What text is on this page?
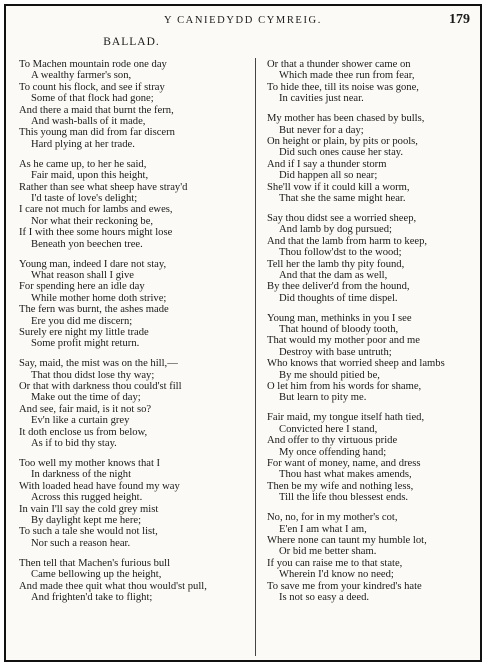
Y CANIEDYDD CYMREIG.	179
BALLAD.
To Machen mountain rode one day
A wealthy farmer's son,
To count his flock, and see if stray
Some of that flock had gone;
And there a maid that burnt the fern,
And wash-balls of it made,
This young man did from far discern
Hard plying at her trade.
As he came up, to her he said,
Fair maid, upon this height,
Rather than see what sheep have stray'd
I'd taste of love's delight;
I care not much for lambs and ewes,
Nor what their reckoning be,
If I with thee some hours might lose
Beneath yon beechen tree.
Young man, indeed I dare not stay,
What reason shall I give
For spending here an idle day
While mother home doth strive;
The fern was burnt, the ashes made
Ere you did me discern;
Surely ere night my little trade
Some profit might return.
Say, maid, the mist was on the hill,—
That thou didst lose thy way;
Or that with darkness thou could'st fill
Make out the time of day;
And see, fair maid, is it not so?
Ev'n like a curtain grey
It doth enclose us from below,
As if to bid thy stay.
Too well my mother knows that I
In darkness of the night
With loaded head have found my way
Across this rugged height.
In vain I'll say the cold grey mist
By daylight kept me here;
To such a tale she would not list,
Nor such a reason hear.
Then tell that Machen's furious bull
Came bellowing up the height,
And made thee quit what thou would'st pull,
And frighten'd take to flight;
Or that a thunder shower came on
Which made thee run from fear,
To hide thee, till its noise was gone,
In cavities just near.
My mother has been chased by bulls,
But never for a day;
On height or plain, by pits or pools,
Did such ones cause her stay.
And if I say a thunder storm
Did happen all so near;
She'll vow if it could kill a worm,
That she the same might hear.
Say thou didst see a worried sheep,
And lamb by dog pursued;
And that the lamb from harm to keep,
Thou follow'dst to the wood;
Tell her the lamb thy pity found,
And that the dam as well,
By thee deliver'd from the hound,
Did thoughts of time dispel.
Young man, methinks in you I see
That hound of bloody tooth,
That would my mother poor and me
Destroy with base untruth;
Who knows that worried sheep and lambs
By me should pitied be,
O let him from his words for shame,
But learn to pity me.
Fair maid, my tongue itself hath tied,
Convicted here I stand,
And offer to thy virtuous pride
My once offending hand;
For want of money, name, and dress
Thou hast what makes amends,
Then be my wife and nothing less,
Till the life thou blessest ends.
No, no, for in my mother's cot,
E'en I am what I am,
Where none can taunt my humble lot,
Or bid me better sham.
If you can raise me to that state,
Wherein I'd know no need;
To save me from your kindred's hate
Is not so easy a deed.
